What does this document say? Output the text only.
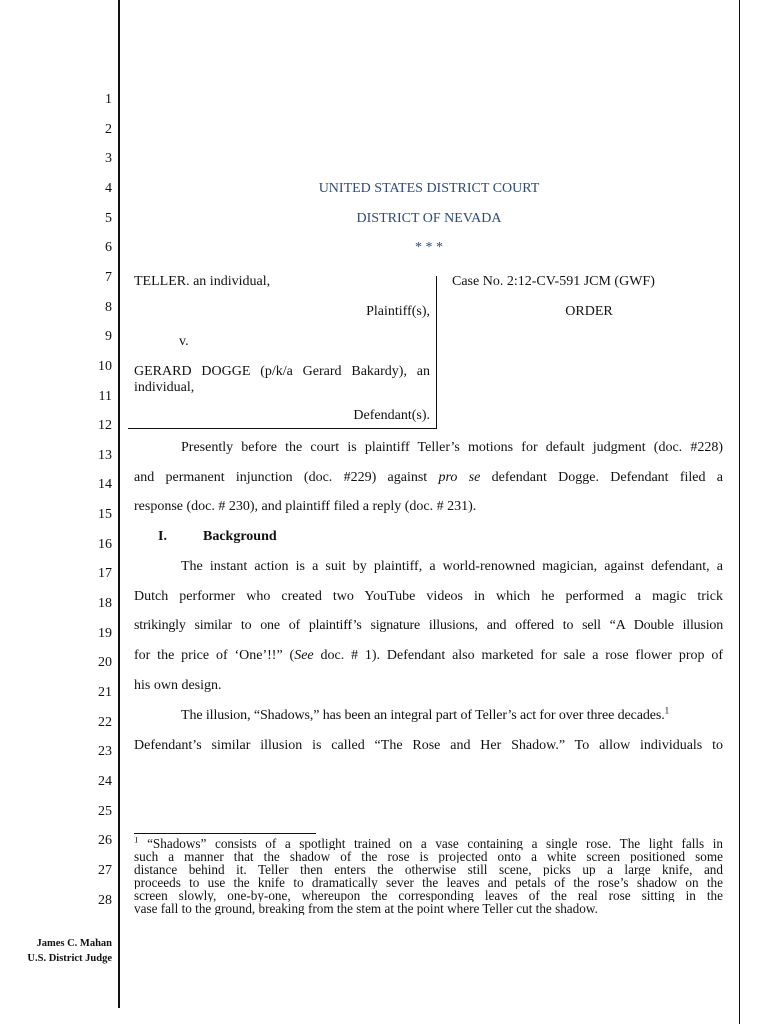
1
2
3
4
5
6
7
8
9
10
11
12
13
14
15
16
17
18
19
20
21
22
23
24
25
26
27
28
UNITED STATES DISTRICT COURT
DISTRICT OF NEVADA
* * *
TELLER. an individual,
Plaintiff(s),
v.
GERARD DOGGE (p/k/a Gerard Bakardy), an
individual,
Defendant(s).
Case No. 2:12-CV-591 JCM (GWF)
ORDER
Presently before the court is plaintiff Teller’s motions for default judgment (doc. #228)
and permanent injunction (doc. #229) against pro se defendant Dogge. Defendant filed a
response (doc. # 230), and plaintiff filed a reply (doc. # 231).
I.	Background
The instant action is a suit by plaintiff, a world-renowned magician, against defendant, a
Dutch performer who created two YouTube videos in which he performed a magic trick
strikingly similar to one of plaintiff’s signature illusions, and offered to sell “A Double illusion
for the price of ‘One’!!” (See doc. # 1). Defendant also marketed for sale a rose flower prop of
his own design.
The illusion, “Shadows,” has been an integral part of Teller’s act for over three decades.$^1$
Defendant’s similar illusion is called “The Rose and Her Shadow.” To allow individuals to
$^1$ “Shadows” consists of a spotlight trained on a vase containing a single rose. The light falls in
such a manner that the shadow of the rose is projected onto a white screen positioned some
distance behind it. Teller then enters the otherwise still scene, picks up a large knife, and
proceeds to use the knife to dramatically sever the leaves and petals of the rose’s shadow on the
screen slowly, one-by-one, whereupon the corresponding leaves of the real rose sitting in the
vase fall to the ground, breaking from the stem at the point where Teller cut the shadow.
James C. Mahan
U.S. District Judge
